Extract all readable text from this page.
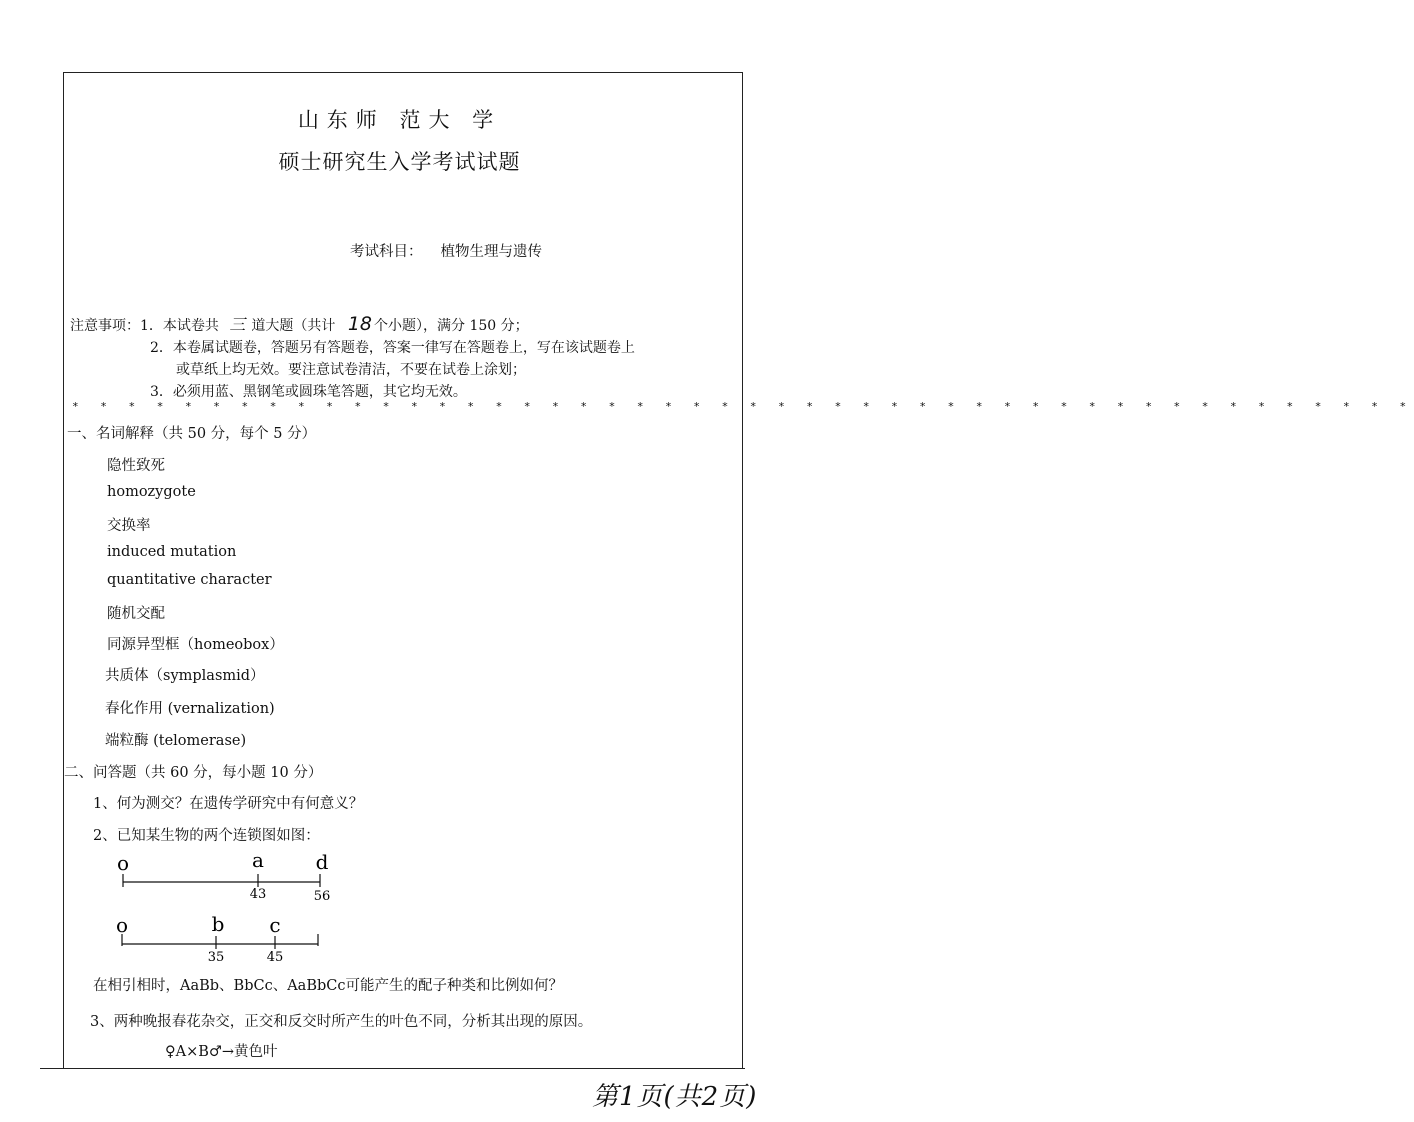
山东师 范大 学
硕士研究生入学考试试题
考试科目： 植物生理与遗传
注意事项：1．本试卷共 三 道大题（共计 18 个小题），满分 150 分；
2．本卷属试题卷，答题另有答题卷，答案一律写在答题卷上，写在该试题卷上
或草纸上均无效。要注意试卷清洁，不要在试卷上涂划；
3．必须用蓝、黑钢笔或圆珠笔答题，其它均无效。
* * * * * * * * * * * * * * * * * * * * * * * * * * * * * * * * * * * * * * * * * * * * * * * *
一、名词解释（共 50 分，每个 5 分）
隐性致死
homozygote
交换率
induced mutation
quantitative character
随机交配
同源异型框（homeobox）
共质体（symplasmid）
春化作用 (vernalization)
端粒酶 (telomerase)
二、问答题（共 60 分，每小题 10 分）
1、何为测交？在遗传学研究中有何意义？
2、已知某生物的两个连锁图如图：
o	a	d
43	56
o	b c
35	45
在相引相时，AaBb、BbCc、AaBbCc可能产生的配子种类和比例如何？
3、两种晚报春花杂交，正交和反交时所产生的叶色不同，分析其出现的原因。
♀A×B♂→黄色叶
第1页(共2页)
